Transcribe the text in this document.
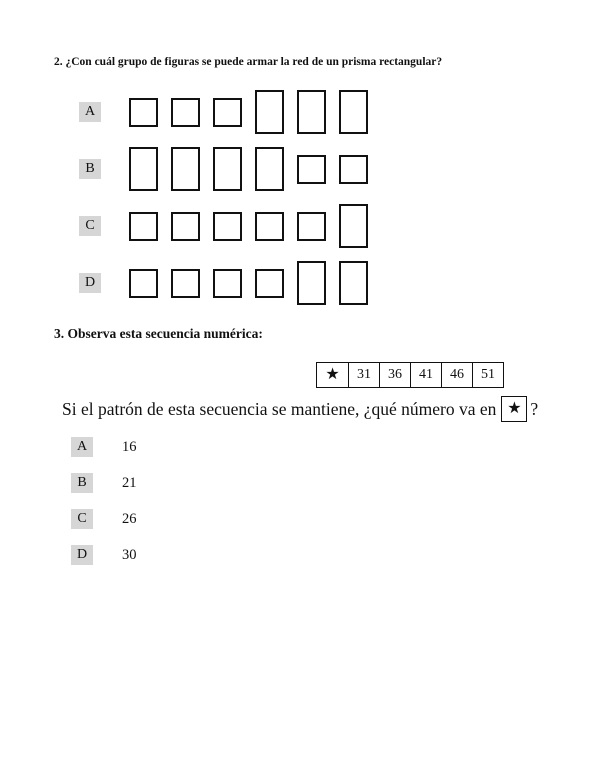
2. ¿Con cuál grupo de figuras se puede armar la red de un prisma rectangular?
A
B
C
D
3. Observa esta secuencia numérica:
★	31	36	41	46	51
Si el patrón de esta secuencia se mantiene, ¿qué número va en ★ ?
A	16
B	21
C	26
D	30
